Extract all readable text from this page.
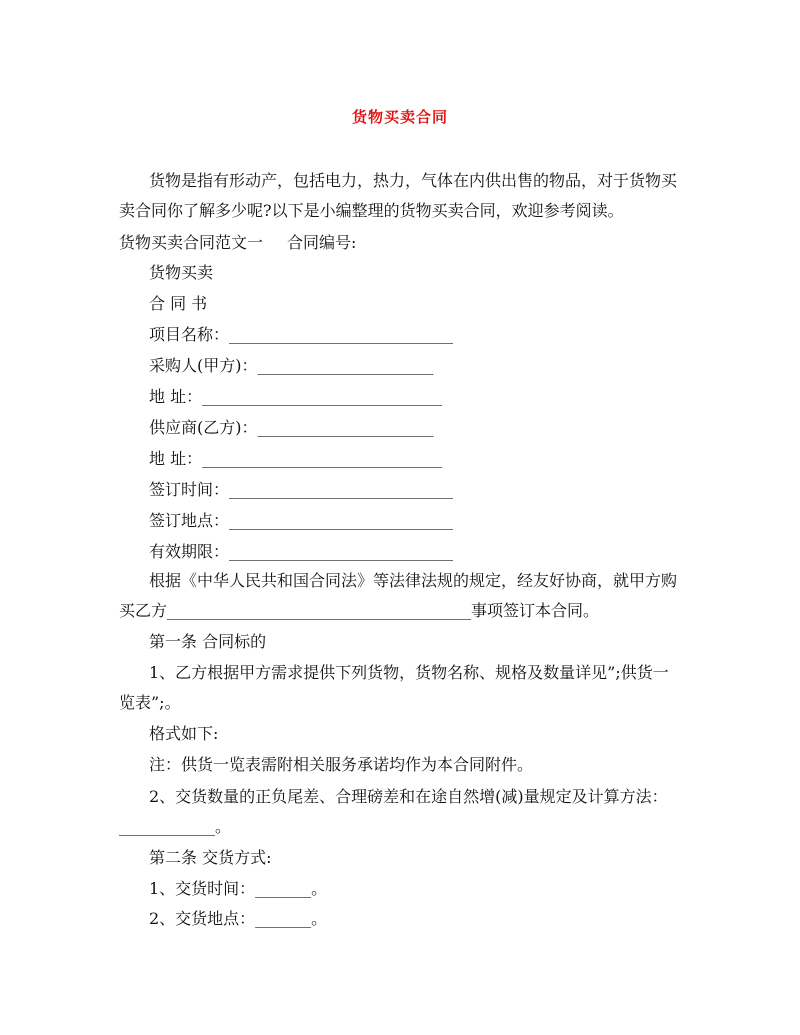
货物买卖合同
货物是指有形动产，包括电力，热力，气体在内供出售的物品，对于货物买
卖合同你了解多少呢?以下是小编整理的货物买卖合同，欢迎参考阅读。
货物买卖合同范文一 合同编号:
货物买卖
合 同 书
项目名称：____________________________
采购人(甲方)：______________________
地 址：______________________________
供应商(乙方)：______________________
地 址：______________________________
签订时间：____________________________
签订地点：____________________________
有效期限：____________________________
根据《中华人民共和国合同法》等法律法规的规定，经友好协商，就甲方购
买乙方______________________________________事项签订本合同。
第一条 合同标的
1、乙方根据甲方需求提供下列货物，货物名称、规格及数量详见”;供货一
览表”;。
格式如下:
注：供货一览表需附相关服务承诺均作为本合同附件。
2、交货数量的正负尾差、合理磅差和在途自然增(减)量规定及计算方法：
____________。
第二条 交货方式:
1、交货时间：_______。
2、交货地点：_______。
